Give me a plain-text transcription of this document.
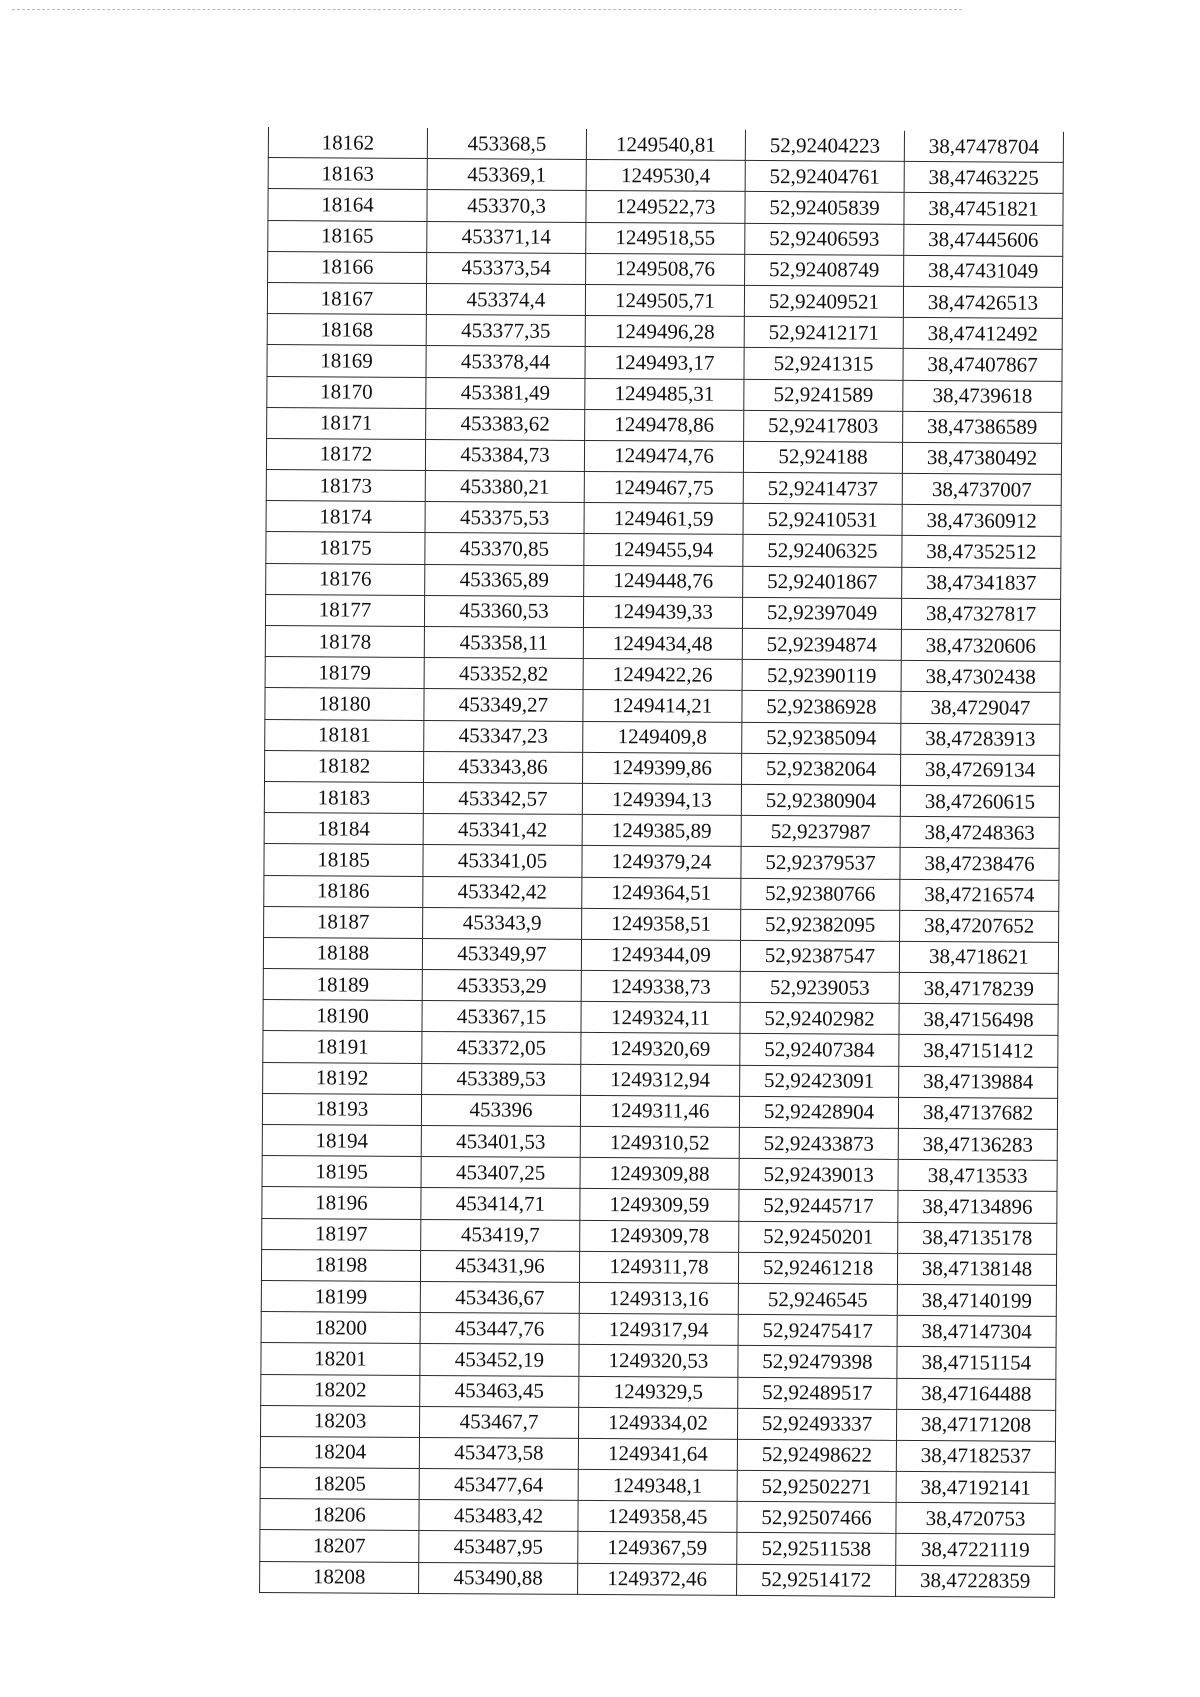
18162	453368,5	1249540,81	52,92404223	38,47478704
18163	453369,1	1249530,4	52,92404761	38,47463225
18164	453370,3	1249522,73	52,92405839	38,47451821
18165	453371,14	1249518,55	52,92406593	38,47445606
18166	453373,54	1249508,76	52,92408749	38,47431049
18167	453374,4	1249505,71	52,92409521	38,47426513
18168	453377,35	1249496,28	52,92412171	38,47412492
18169	453378,44	1249493,17	52,9241315	38,47407867
18170	453381,49	1249485,31	52,9241589	38,4739618
18171	453383,62	1249478,86	52,92417803	38,47386589
18172	453384,73	1249474,76	52,924188	38,47380492
18173	453380,21	1249467,75	52,92414737	38,4737007
18174	453375,53	1249461,59	52,92410531	38,47360912
18175	453370,85	1249455,94	52,92406325	38,47352512
18176	453365,89	1249448,76	52,92401867	38,47341837
18177	453360,53	1249439,33	52,92397049	38,47327817
18178	453358,11	1249434,48	52,92394874	38,47320606
18179	453352,82	1249422,26	52,92390119	38,47302438
18180	453349,27	1249414,21	52,92386928	38,4729047
18181	453347,23	1249409,8	52,92385094	38,47283913
18182	453343,86	1249399,86	52,92382064	38,47269134
18183	453342,57	1249394,13	52,92380904	38,47260615
18184	453341,42	1249385,89	52,9237987	38,47248363
18185	453341,05	1249379,24	52,92379537	38,47238476
18186	453342,42	1249364,51	52,92380766	38,47216574
18187	453343,9	1249358,51	52,92382095	38,47207652
18188	453349,97	1249344,09	52,92387547	38,4718621
18189	453353,29	1249338,73	52,9239053	38,47178239
18190	453367,15	1249324,11	52,92402982	38,47156498
18191	453372,05	1249320,69	52,92407384	38,47151412
18192	453389,53	1249312,94	52,92423091	38,47139884
18193	453396	1249311,46	52,92428904	38,47137682
18194	453401,53	1249310,52	52,92433873	38,47136283
18195	453407,25	1249309,88	52,92439013	38,4713533
18196	453414,71	1249309,59	52,92445717	38,47134896
18197	453419,7	1249309,78	52,92450201	38,47135178
18198	453431,96	1249311,78	52,92461218	38,47138148
18199	453436,67	1249313,16	52,9246545	38,47140199
18200	453447,76	1249317,94	52,92475417	38,47147304
18201	453452,19	1249320,53	52,92479398	38,47151154
18202	453463,45	1249329,5	52,92489517	38,47164488
18203	453467,7	1249334,02	52,92493337	38,47171208
18204	453473,58	1249341,64	52,92498622	38,47182537
18205	453477,64	1249348,1	52,92502271	38,47192141
18206	453483,42	1249358,45	52,92507466	38,4720753
18207	453487,95	1249367,59	52,92511538	38,47221119
18208	453490,88	1249372,46	52,92514172	38,47228359
